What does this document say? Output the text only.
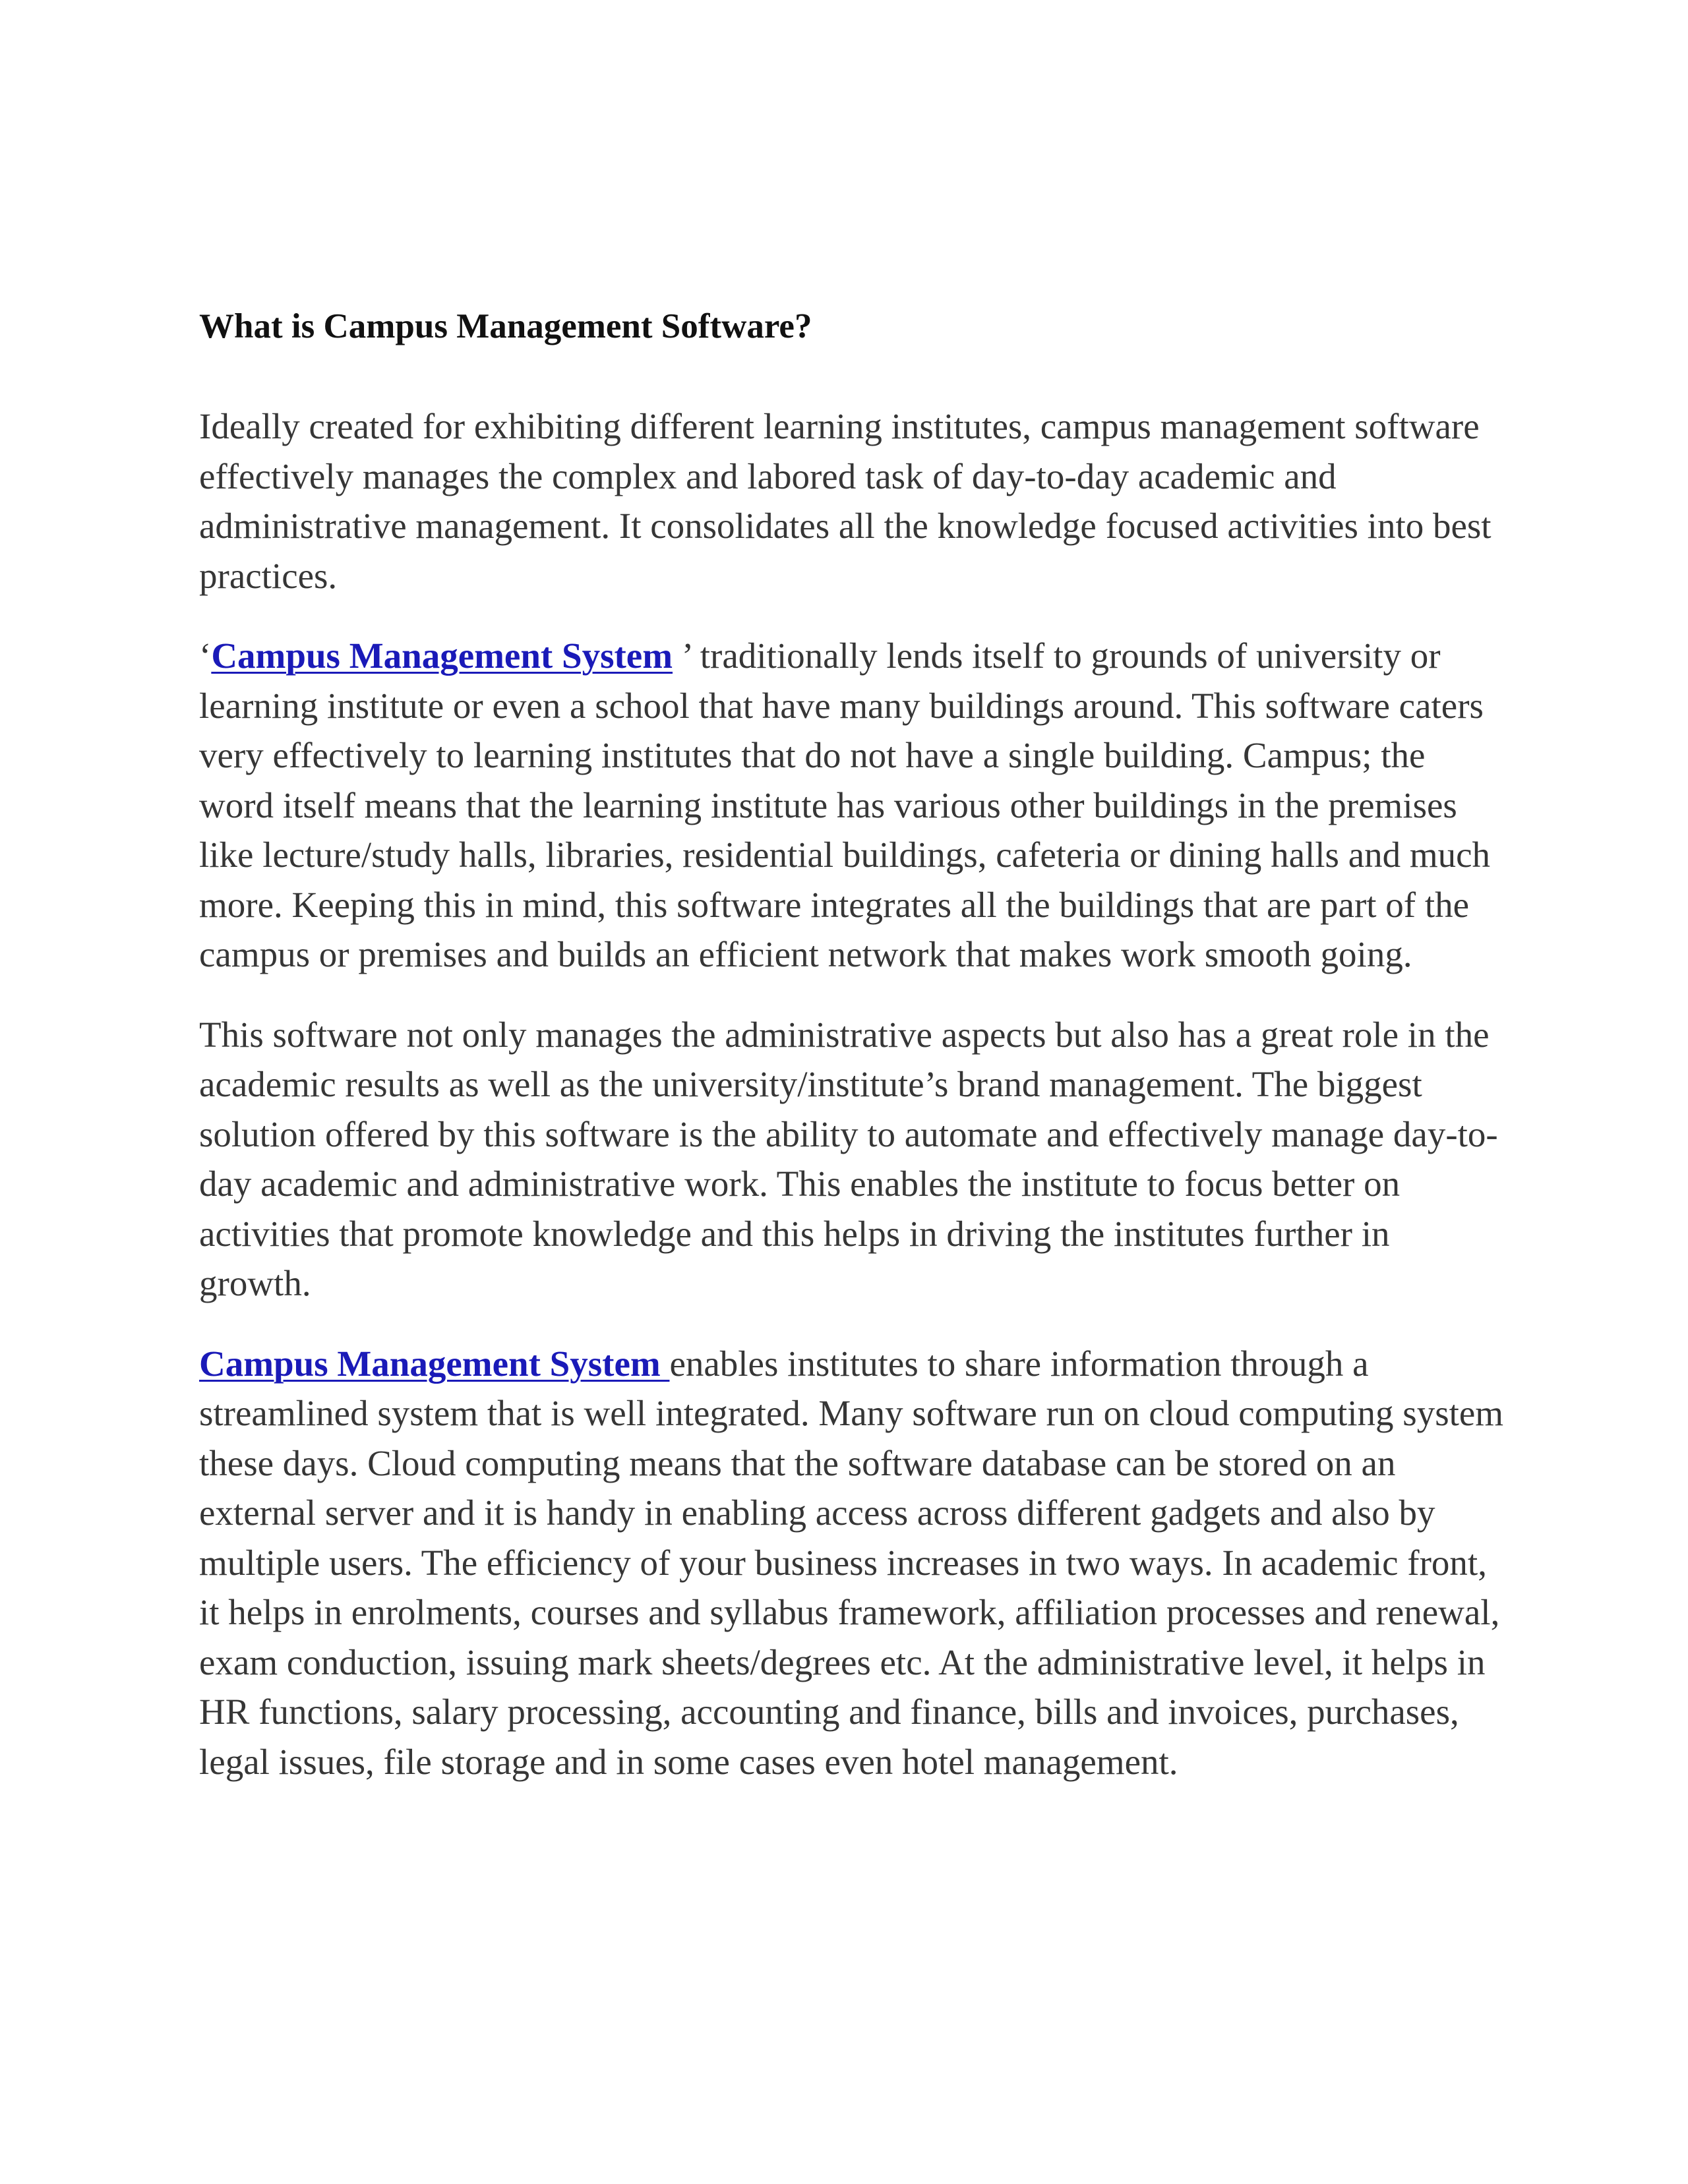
What is Campus Management Software?

Ideally created for exhibiting different learning institutes, campus management software effectively manages the complex and labored task of day-to-day academic and administrative management. It consolidates all the knowledge focused activities into best practices.

‘Campus Management System ’ traditionally lends itself to grounds of university or learning institute or even a school that have many buildings around. This software caters very effectively to learning institutes that do not have a single building. Campus; the word itself means that the learning institute has various other buildings in the premises like lecture/study halls, libraries, residential buildings, cafeteria or dining halls and much more. Keeping this in mind, this software integrates all the buildings that are part of the campus or premises and builds an efficient network that makes work smooth going.

This software not only manages the administrative aspects but also has a great role in the academic results as well as the university/institute’s brand management. The biggest solution offered by this software is the ability to automate and effectively manage day-to-day academic and administrative work. This enables the institute to focus better on activities that promote knowledge and this helps in driving the institutes further in growth.

Campus Management System enables institutes to share information through a streamlined system that is well integrated. Many software run on cloud computing system these days. Cloud computing means that the software database can be stored on an external server and it is handy in enabling access across different gadgets and also by multiple users. The efficiency of your business increases in two ways. In academic front, it helps in enrolments, courses and syllabus framework, affiliation processes and renewal, exam conduction, issuing mark sheets/degrees etc. At the administrative level, it helps in HR functions, salary processing, accounting and finance, bills and invoices, purchases, legal issues, file storage and in some cases even hotel management.
